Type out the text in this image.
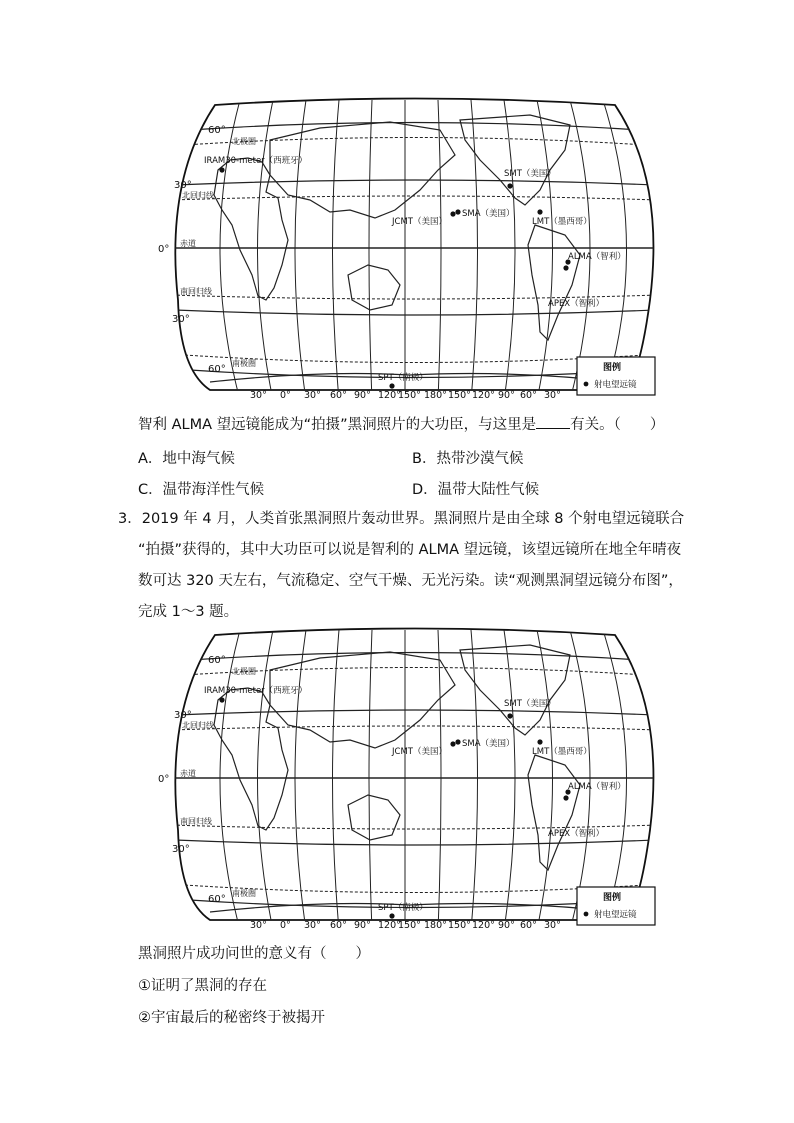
60°
30°
0°
30°
60°
北极圈
北回归线
赤道
南回归线
南极圈
30° 0° 30° 60° 90° 120°
150° 180° 150° 120° 90° 60° 30°
IRAM30-meter（西班牙）
SMT（美国）
JCMT（美国）
SMA（美国）
LMT（墨西哥）
ALMA（智利）
APEX（智利）
SPT（南极）
图例
射电望远镜
智利 ALMA 望远镜能成为“拍摄”黑洞照片的大功臣，与这里是 有关。（　　）
A．地中海气候	B．热带沙漠气候
C．温带海洋性气候	D．温带大陆性气候
3．2019 年 4 月，人类首张黑洞照片轰动世界。黑洞照片是由全球 8 个射电望远镜联合
“拍摄”获得的，其中大功臣可以说是智利的 ALMA 望远镜，该望远镜所在地全年晴夜
数可达 320 天左右，气流稳定、空气干燥、无光污染。读“观测黑洞望远镜分布图”，
完成 1～3 题。
60°
30°
0°
30°
60°
北极圈
北回归线
赤道
南回归线
南极圈
30° 0° 30° 60° 90° 120°
150° 180° 150° 120° 90° 60° 30°
IRAM30-meter（西班牙）
SMT（美国）
JCMT（美国）
SMA（美国）
LMT（墨西哥）
ALMA（智利）
APEX（智利）
SPT（南极）
图例
射电望远镜
黑洞照片成功问世的意义有（　　）
①证明了黑洞的存在
②宇宙最后的秘密终于被揭开
